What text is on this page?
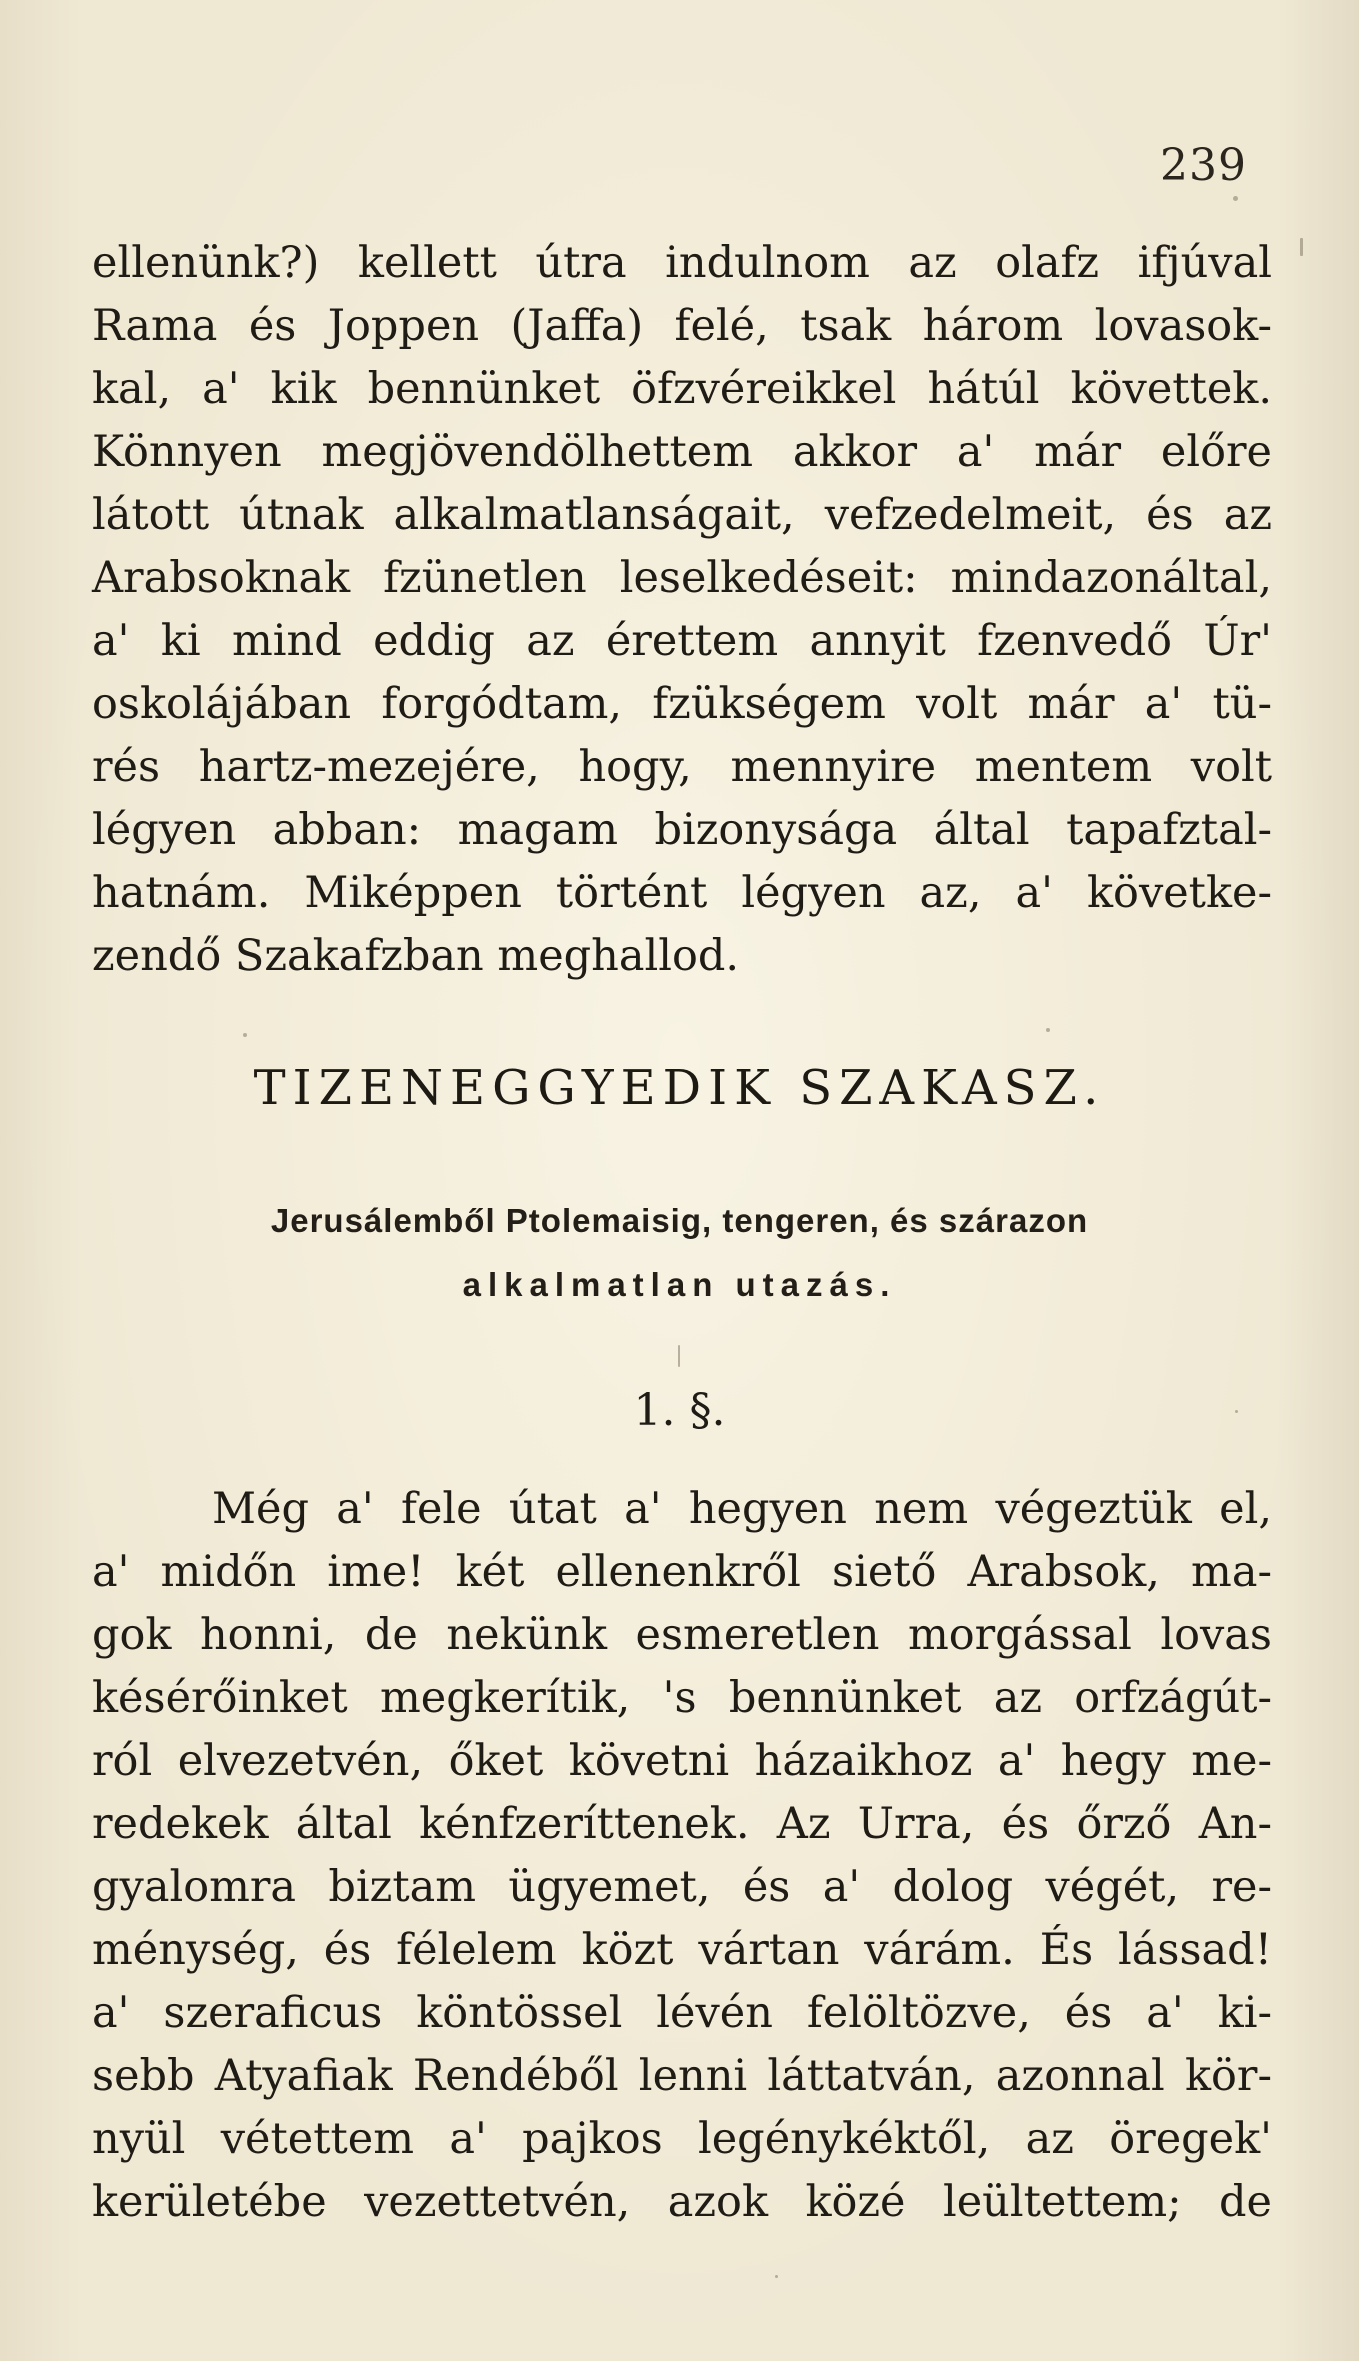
239
ellenünk?) kellett útra indulnom az olafz ifjúval
Rama és Joppen (Jaffa) felé, tsak három lovasok-
kal, a' kik bennünket öfzvéreikkel hátúl követtek.
Könnyen megjövendölhettem akkor a' már előre
látott útnak alkalmatlanságait, vefzedelmeit, és az
Arabsoknak fzünetlen leselkedéseit: mindazonáltal,
a' ki mind eddig az érettem annyit fzenvedő Úr'
oskolájában forgódtam, fzükségem volt már a' tü-
rés hartz-mezejére, hogy, mennyire mentem volt
légyen abban: magam bizonysága által tapafztal-
hatnám. Miképpen történt légyen az, a' követke-
zendő Szakafzban meghallod.
TIZENEGGYEDIK SZAKASZ.
Jerusálemből Ptolemaisig, tengeren, és szárazon
alkalmatlan utazás.
1. §.
Még a' fele útat a' hegyen nem végeztük el,
a' midőn ime! két ellenenkről siető Arabsok, ma-
gok honni, de nekünk esmeretlen morgással lovas
késérőinket megkerítik, 's bennünket az orfzágút-
ról elvezetvén, őket követni házaikhoz a' hegy me-
redekek által kénfzeríttenek. Az Urra, és őrző An-
gyalomra biztam ügyemet, és a' dolog végét, re-
ménység, és félelem közt vártan várám. És lássad!
a' szeraficus köntössel lévén felöltözve, és a' ki-
sebb Atyafiak Rendéből lenni láttatván, azonnal kör-
nyül vétettem a' pajkos legénykéktől, az öregek'
kerületébe vezettetvén, azok közé leültettem; de
